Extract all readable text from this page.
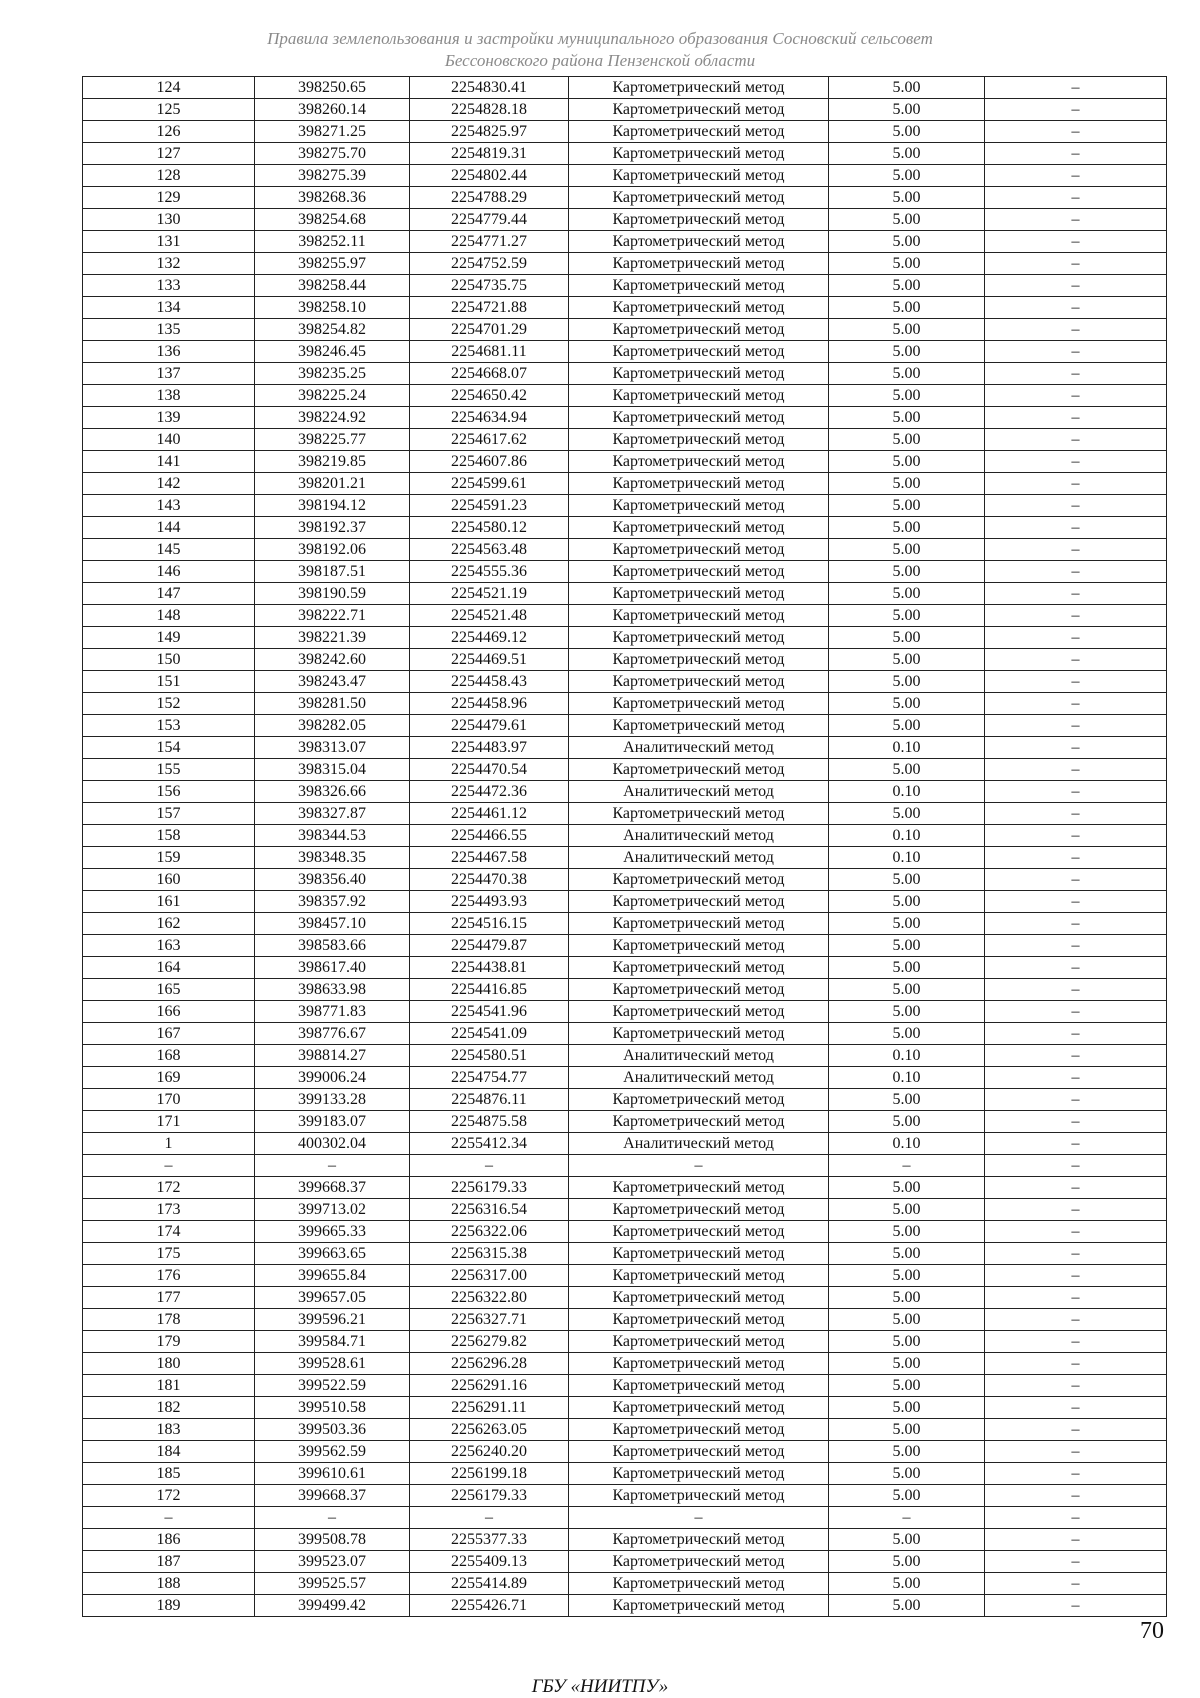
Правила землепользования и застройки муниципального образования Сосновский сельсовет
Бессоновского района Пензенской области
124	398250.65	2254830.41	Картометрический метод	5.00	–
125	398260.14	2254828.18	Картометрический метод	5.00	–
126	398271.25	2254825.97	Картометрический метод	5.00	–
127	398275.70	2254819.31	Картометрический метод	5.00	–
128	398275.39	2254802.44	Картометрический метод	5.00	–
129	398268.36	2254788.29	Картометрический метод	5.00	–
130	398254.68	2254779.44	Картометрический метод	5.00	–
131	398252.11	2254771.27	Картометрический метод	5.00	–
132	398255.97	2254752.59	Картометрический метод	5.00	–
133	398258.44	2254735.75	Картометрический метод	5.00	–
134	398258.10	2254721.88	Картометрический метод	5.00	–
135	398254.82	2254701.29	Картометрический метод	5.00	–
136	398246.45	2254681.11	Картометрический метод	5.00	–
137	398235.25	2254668.07	Картометрический метод	5.00	–
138	398225.24	2254650.42	Картометрический метод	5.00	–
139	398224.92	2254634.94	Картометрический метод	5.00	–
140	398225.77	2254617.62	Картометрический метод	5.00	–
141	398219.85	2254607.86	Картометрический метод	5.00	–
142	398201.21	2254599.61	Картометрический метод	5.00	–
143	398194.12	2254591.23	Картометрический метод	5.00	–
144	398192.37	2254580.12	Картометрический метод	5.00	–
145	398192.06	2254563.48	Картометрический метод	5.00	–
146	398187.51	2254555.36	Картометрический метод	5.00	–
147	398190.59	2254521.19	Картометрический метод	5.00	–
148	398222.71	2254521.48	Картометрический метод	5.00	–
149	398221.39	2254469.12	Картометрический метод	5.00	–
150	398242.60	2254469.51	Картометрический метод	5.00	–
151	398243.47	2254458.43	Картометрический метод	5.00	–
152	398281.50	2254458.96	Картометрический метод	5.00	–
153	398282.05	2254479.61	Картометрический метод	5.00	–
154	398313.07	2254483.97	Аналитический метод	0.10	–
155	398315.04	2254470.54	Картометрический метод	5.00	–
156	398326.66	2254472.36	Аналитический метод	0.10	–
157	398327.87	2254461.12	Картометрический метод	5.00	–
158	398344.53	2254466.55	Аналитический метод	0.10	–
159	398348.35	2254467.58	Аналитический метод	0.10	–
160	398356.40	2254470.38	Картометрический метод	5.00	–
161	398357.92	2254493.93	Картометрический метод	5.00	–
162	398457.10	2254516.15	Картометрический метод	5.00	–
163	398583.66	2254479.87	Картометрический метод	5.00	–
164	398617.40	2254438.81	Картометрический метод	5.00	–
165	398633.98	2254416.85	Картометрический метод	5.00	–
166	398771.83	2254541.96	Картометрический метод	5.00	–
167	398776.67	2254541.09	Картометрический метод	5.00	–
168	398814.27	2254580.51	Аналитический метод	0.10	–
169	399006.24	2254754.77	Аналитический метод	0.10	–
170	399133.28	2254876.11	Картометрический метод	5.00	–
171	399183.07	2254875.58	Картометрический метод	5.00	–
1	400302.04	2255412.34	Аналитический метод	0.10	–
–	–	–	–	–	–
172	399668.37	2256179.33	Картометрический метод	5.00	–
173	399713.02	2256316.54	Картометрический метод	5.00	–
174	399665.33	2256322.06	Картометрический метод	5.00	–
175	399663.65	2256315.38	Картометрический метод	5.00	–
176	399655.84	2256317.00	Картометрический метод	5.00	–
177	399657.05	2256322.80	Картометрический метод	5.00	–
178	399596.21	2256327.71	Картометрический метод	5.00	–
179	399584.71	2256279.82	Картометрический метод	5.00	–
180	399528.61	2256296.28	Картометрический метод	5.00	–
181	399522.59	2256291.16	Картометрический метод	5.00	–
182	399510.58	2256291.11	Картометрический метод	5.00	–
183	399503.36	2256263.05	Картометрический метод	5.00	–
184	399562.59	2256240.20	Картометрический метод	5.00	–
185	399610.61	2256199.18	Картометрический метод	5.00	–
172	399668.37	2256179.33	Картометрический метод	5.00	–
–	–	–	–	–	–
186	399508.78	2255377.33	Картометрический метод	5.00	–
187	399523.07	2255409.13	Картометрический метод	5.00	–
188	399525.57	2255414.89	Картометрический метод	5.00	–
189	399499.42	2255426.71	Картометрический метод	5.00	–
70
ГБУ «НИИТПУ»
